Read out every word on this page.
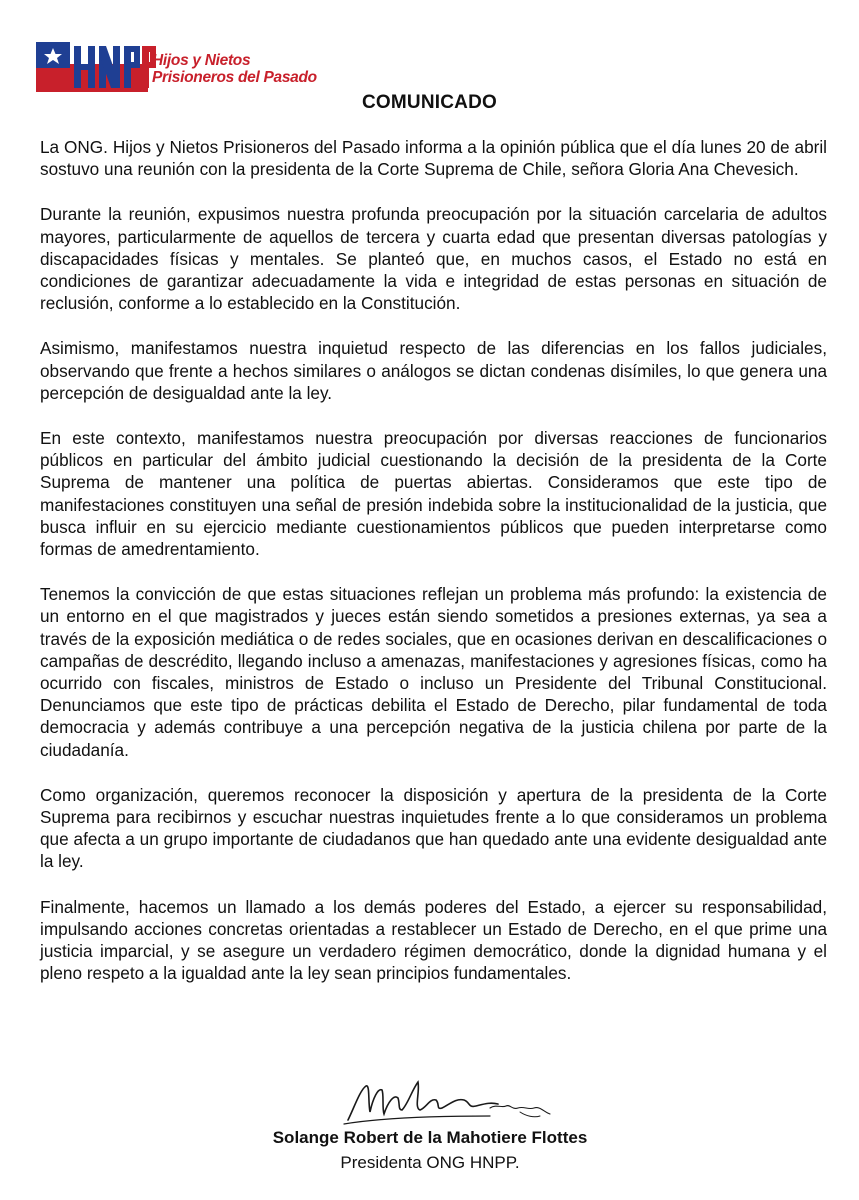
Hijos y Nietos
Prisioneros del Pasado
COMUNICADO

La ONG. Hijos y Nietos Prisioneros del Pasado informa a la opinión pública que el día lunes 20 de abril sostuvo una reunión con la presidenta de la Corte Suprema de Chile, señora Gloria Ana Chevesich.

Durante la reunión, expusimos nuestra profunda preocupación por la situación carcelaria de adultos mayores, particularmente de aquellos de tercera y cuarta edad que presentan diversas patologías y discapacidades físicas y mentales. Se planteó que, en muchos casos, el Estado no está en condiciones de garantizar adecuadamente la vida e integridad de estas personas en situación de reclusión, conforme a lo establecido en la Constitución.

Asimismo, manifestamos nuestra inquietud respecto de las diferencias en los fallos judiciales, observando que frente a hechos similares o análogos se dictan condenas disímiles, lo que genera una percepción de desigualdad ante la ley.

En este contexto, manifestamos nuestra preocupación por diversas reacciones de funcionarios públicos en particular del ámbito judicial cuestionando la decisión de la presidenta de la Corte Suprema de mantener una política de puertas abiertas. Consideramos que este tipo de manifestaciones constituyen una señal de presión indebida sobre la institucionalidad de la justicia, que busca influir en su ejercicio mediante cuestionamientos públicos que pueden interpretarse como formas de amedrentamiento.

Tenemos la convicción de que estas situaciones reflejan un problema más profundo: la existencia de un entorno en el que magistrados y jueces están siendo sometidos a presiones externas, ya sea a través de la exposición mediática o de redes sociales, que en ocasiones derivan en descalificaciones o campañas de descrédito, llegando incluso a amenazas, manifestaciones y agresiones físicas, como ha ocurrido con fiscales, ministros de Estado o incluso un Presidente del Tribunal Constitucional. Denunciamos que este tipo de prácticas debilita el Estado de Derecho, pilar fundamental de toda democracia y además contribuye a una percepción negativa de la justicia chilena por parte de la ciudadanía.

Como organización, queremos reconocer la disposición y apertura de la presidenta de la Corte Suprema para recibirnos y escuchar nuestras inquietudes frente a lo que consideramos un problema que afecta a un grupo importante de ciudadanos que han quedado ante una evidente desigualdad ante la ley.

Finalmente, hacemos un llamado a los demás poderes del Estado, a ejercer su responsabilidad, impulsando acciones concretas orientadas a restablecer un Estado de Derecho, en el que prime una justicia imparcial, y se asegure un verdadero régimen democrático, donde la dignidad humana y el pleno respeto a la igualdad ante la ley sean principios fundamentales.

Solange Robert de la Mahotiere Flottes
Presidenta ONG HNPP.
